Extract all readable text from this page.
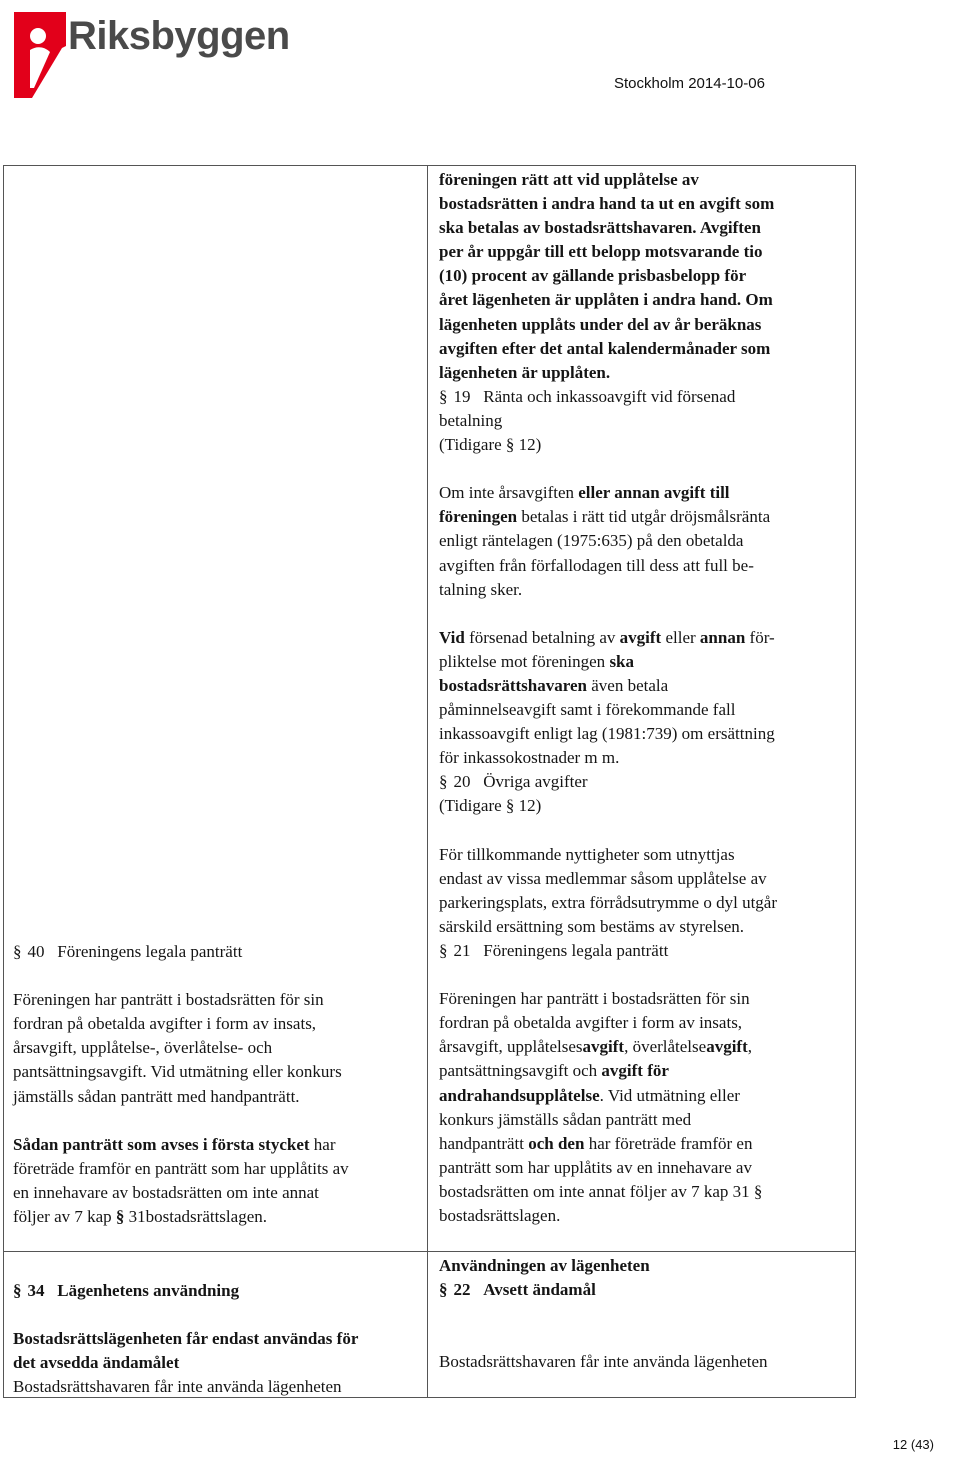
Riksbyggen
Stockholm 2014-10-06

föreningen rätt att vid upplåtelse av

bostadsrätten i andra hand ta ut en avgift som

ska betalas av bostadsrättshavaren. Avgiften

per år uppgår till ett belopp motsvarande tio

(10) procent av gällande prisbasbelopp för

året lägenheten är upplåten i andra hand. Om

lägenheten upplåts under del av år beräknas

avgiften efter det antal kalendermånader som

lägenheten är upplåten.

§ 19 Ränta och inkassoavgift vid försenad

betalning

(Tidigare § 12)

Om inte årsavgiften eller annan avgift till

föreningen betalas i rätt tid utgår dröjsmålsränta

enligt räntelagen (1975:635) på den obetalda

avgiften från förfallodagen till dess att full be-

talning sker.

Vid försenad betalning av avgift eller annan för-

pliktelse mot föreningen ska

bostadsrättshavaren även betala

påminnelseavgift samt i förekommande fall

inkassoavgift enligt lag (1981:739) om ersättning

för inkassokostnader m m.

§ 20 Övriga avgifter

(Tidigare § 12)

För tillkommande nyttigheter som utnyttjas

endast av vissa medlemmar såsom upplåtelse av

parkeringsplats, extra förrådsutrymme o dyl utgår

särskild ersättning som bestäms av styrelsen.

§ 21 Föreningens legala panträtt

Föreningen har panträtt i bostadsrätten för sin

fordran på obetalda avgifter i form av insats,

årsavgift, upplåtelsesavgift, överlåtelseavgift,

pantsättningsavgift och avgift för

andrahandsupplåtelse. Vid utmätning eller

konkurs jämställs sådan panträtt med

handpanträtt och den har företräde framför en

panträtt som har upplåtits av en innehavare av

bostadsrätten om inte annat följer av 7 kap 31 §

bostadsrättslagen.

§ 40 Föreningens legala panträtt

Föreningen har panträtt i bostadsrätten för sin

fordran på obetalda avgifter i form av insats,

årsavgift, upplåtelse-, överlåtelse- och

pantsättningsavgift. Vid utmätning eller konkurs

jämställs sådan panträtt med handpanträtt.

Sådan panträtt som avses i första stycket har

företräde framför en panträtt som har upplåtits av

en innehavare av bostadsrätten om inte annat

följer av 7 kap § 31bostadsrättslagen.

Användningen av lägenheten

§ 22 Avsett ändamål

Bostadsrättshavaren får inte använda lägenheten

§ 34 Lägenhetens användning

Bostadsrättslägenheten får endast användas för

det avsedda ändamålet

Bostadsrättshavaren får inte använda lägenheten

12 (43)
